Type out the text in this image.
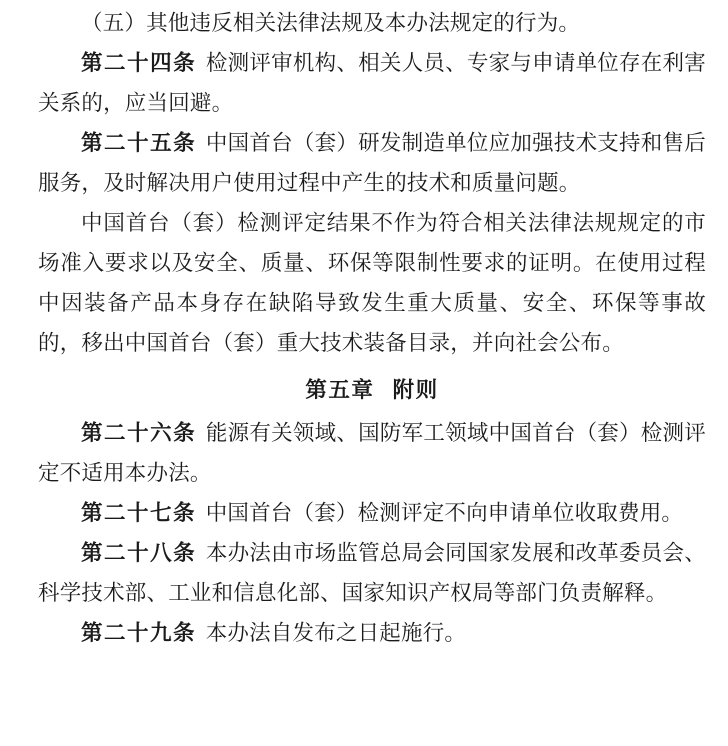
（五）其他违反相关法律法规及本办法规定的行为。

第二十四条 检测评审机构、相关人员、专家与申请单位存在利害关系的，应当回避。

第二十五条 中国首台（套）研发制造单位应加强技术支持和售后服务，及时解决用户使用过程中产生的技术和质量问题。

中国首台（套）检测评定结果不作为符合相关法律法规规定的市场准入要求以及安全、质量、环保等限制性要求的证明。在使用过程中因装备产品本身存在缺陷导致发生重大质量、安全、环保等事故的，移出中国首台（套）重大技术装备目录，并向社会公布。

第五章 附则

第二十六条 能源有关领域、国防军工领域中国首台（套）检测评定不适用本办法。

第二十七条 中国首台（套）检测评定不向申请单位收取费用。

第二十八条 本办法由市场监管总局会同国家发展和改革委员会、科学技术部、工业和信息化部、国家知识产权局等部门负责解释。

第二十九条 本办法自发布之日起施行。
